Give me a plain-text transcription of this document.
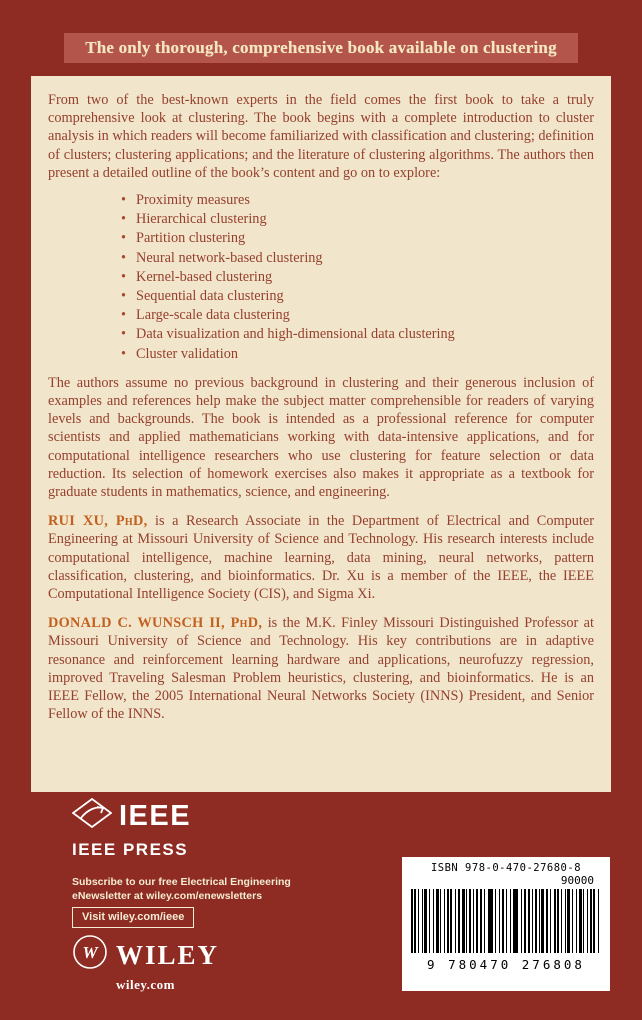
The only thorough, comprehensive book available on clustering

From two of the best-known experts in the field comes the first book to take a truly comprehensive look at clustering. The book begins with a complete introduction to cluster analysis in which readers will become familiarized with classification and clustering; definition of clusters; clustering applications; and the literature of clustering algorithms. The authors then present a detailed outline of the book’s content and go on to explore:

• Proximity measures
• Hierarchical clustering
• Partition clustering
• Neural network-based clustering
• Kernel-based clustering
• Sequential data clustering
• Large-scale data clustering
• Data visualization and high-dimensional data clustering
• Cluster validation

The authors assume no previous background in clustering and their generous inclusion of examples and references help make the subject matter comprehensible for readers of varying levels and backgrounds. The book is intended as a professional reference for computer scientists and applied mathematicians working with data-intensive applications, and for computational intelligence researchers who use clustering for feature selection or data reduction. Its selection of homework exercises also makes it appropriate as a textbook for graduate students in mathematics, science, and engineering.

RUI XU, PhD, is a Research Associate in the Department of Electrical and Computer Engineering at Missouri University of Science and Technology. His research interests include computational intelligence, machine learning, data mining, neural networks, pattern classification, clustering, and bioinformatics. Dr. Xu is a member of the IEEE, the IEEE Computational Intelligence Society (CIS), and Sigma Xi.

DONALD C. WUNSCH II, PhD, is the M.K. Finley Missouri Distinguished Professor at Missouri University of Science and Technology. His key contributions are in adaptive resonance and reinforcement learning hardware and applications, neurofuzzy regression, improved Traveling Salesman Problem heuristics, clustering, and bioinformatics. He is an IEEE Fellow, the 2005 International Neural Networks Society (INNS) President, and Senior Fellow of the INNS.

IEEE
IEEE PRESS
Subscribe to our free Electrical Engineering
eNewsletter at wiley.com/enewsletters
Visit wiley.com/ieee
W WILEY
wiley.com
ISBN 978-0-470-27680-8
90000
9 780470 276808
